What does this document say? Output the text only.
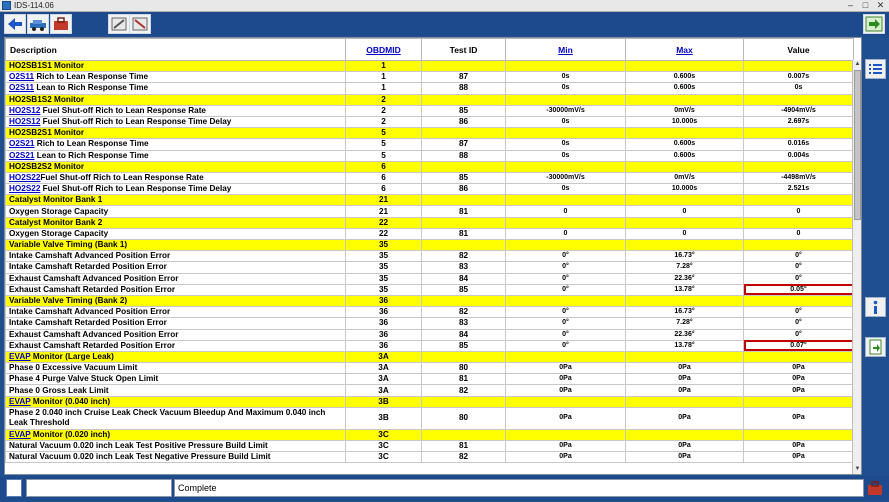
IDS-114.06	–	□ ✕
Description	OBDMID	Test ID	Min	Max	Value
HO2SB1S1 Monitor	1				
O2S11 Rich to Lean Response Time	1	87	0s	0.600s	0.007s
O2S11 Lean to Rich Response Time	1	88	0s	0.600s	0s
HO2SB1S2 Monitor	2				
HO2S12 Fuel Shut-off Rich to Lean Response Rate	2	85	-30000mV/s	0mV/s	-4904mV/s
HO2S12 Fuel Shut-off Rich to Lean Response Time Delay	2	86	0s	10.000s	2.697s
HO2SB2S1 Monitor	5				
O2S21 Rich to Lean Response Time	5	87	0s	0.600s	0.016s
O2S21 Lean to Rich Response Time	5	88	0s	0.600s	0.004s
HO2SB2S2 Monitor	6				
HO2S22Fuel Shut-off Rich to Lean Response Rate	6	85	-30000mV/s	0mV/s	-4498mV/s
HO2S22 Fuel Shut-off Rich to Lean Response Time Delay	6	86	0s	10.000s	2.521s
Catalyst Monitor Bank 1	21				
Oxygen Storage Capacity	21	81	0	0	0
Catalyst Monitor Bank 2	22				
Oxygen Storage Capacity	22	81	0	0	0
Variable Valve Timing (Bank 1)	35				
Intake Camshaft Advanced Position Error	35	82	0°	16.73°	0°
Intake Camshaft Retarded Position Error	35	83	0°	7.28°	0°
Exhaust Camshaft Advanced Position Error	35	84	0°	22.36°	0°
Exhaust Camshaft Retarded Position Error	35	85	0°	13.78°	0.05°
Variable Valve Timing (Bank 2)	36				
Intake Camshaft Advanced Position Error	36	82	0°	16.73°	0°
Intake Camshaft Retarded Position Error	36	83	0°	7.28°	0°
Exhaust Camshaft Advanced Position Error	36	84	0°	22.36°	0°
Exhaust Camshaft Retarded Position Error	36	85	0°	13.78°	0.07°
EVAP Monitor (Large Leak)	3A				
Phase 0 Excessive Vacuum Limit	3A	80	0Pa	0Pa	0Pa
Phase 4 Purge Valve Stuck Open Limit	3A	81	0Pa	0Pa	0Pa
Phase 0 Gross Leak Limit	3A	82	0Pa	0Pa	0Pa
EVAP Monitor (0.040 inch)	3B				
Phase 2 0.040 inch Cruise Leak Check Vacuum Bleedup And Maximum 0.040 inch Leak Threshold	3B	80	0Pa	0Pa	0Pa
EVAP Monitor (0.020 inch)	3C				
Natural Vacuum 0.020 inch Leak Test Positive Pressure Build Limit	3C	81	0Pa	0Pa	0Pa
Natural Vacuum 0.020 inch Leak Test Negative Pressure Build Limit	3C	82	0Pa	0Pa	0Pa
▲
▼
Complete
